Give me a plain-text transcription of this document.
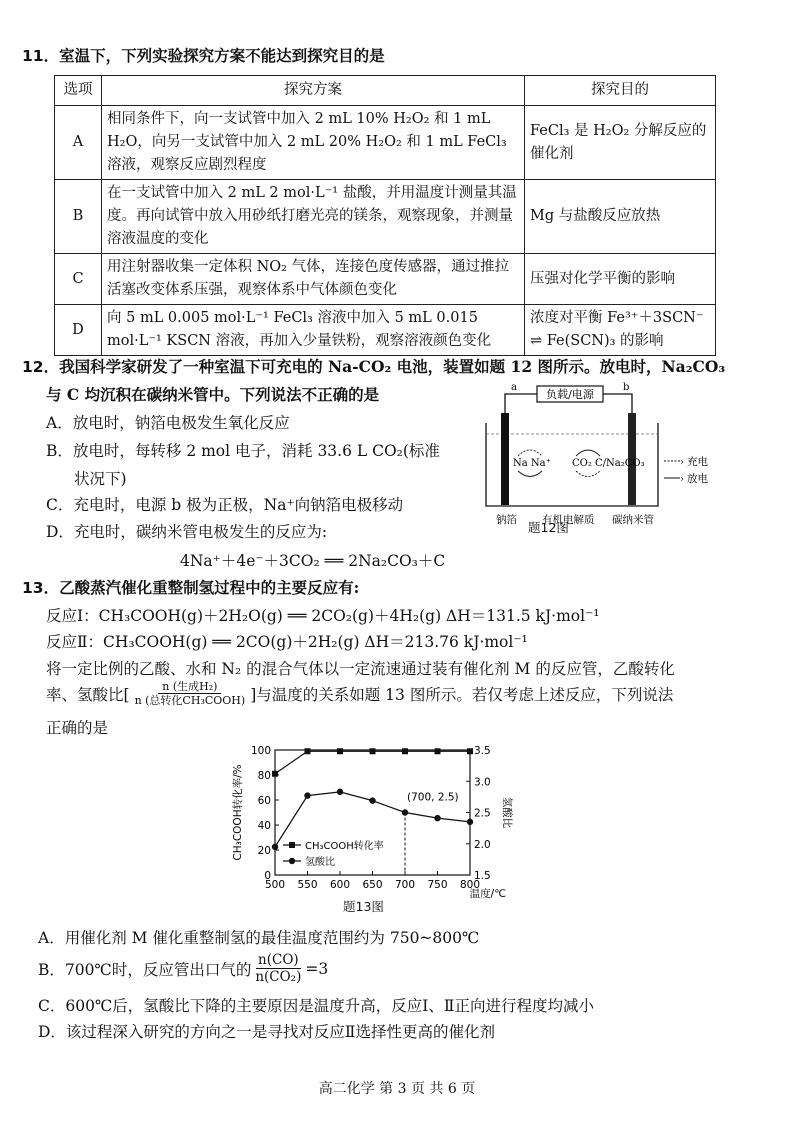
11．室温下，下列实验探究方案不能达到探究目的是
选项	探究方案	探究目的
A	相同条件下，向一支试管中加入 2 mL 10% H₂O₂ 和 1 mL H₂O，向另一支试管中加入 2 mL 20% H₂O₂ 和 1 mL FeCl₃ 溶液，观察反应剧烈程度	FeCl₃ 是 H₂O₂ 分解反应的催化剂
B	在一支试管中加入 2 mL 2 mol·L⁻¹ 盐酸，并用温度计测量其温度。再向试管中放入用砂纸打磨光亮的镁条，观察现象，并测量溶液温度的变化	Mg 与盐酸反应放热
C	用注射器收集一定体积 NO₂ 气体，连接色度传感器，通过推拉活塞改变体系压强，观察体系中气体颜色变化	压强对化学平衡的影响
D	向 5 mL 0.005 mol·L⁻¹ FeCl₃ 溶液中加入 5 mL 0.015 mol·L⁻¹ KSCN 溶液，再加入少量铁粉，观察溶液颜色变化	浓度对平衡 Fe³⁺＋3SCN⁻ ⇌ Fe(SCN)₃ 的影响
12．我国科学家研发了一种室温下可充电的 Na-CO₂ 电池，装置如题 12 图所示。放电时，Na₂CO₃
与 C 均沉积在碳纳米管中。下列说法不正确的是
A．放电时，钠箔电极发生氧化反应
B．放电时，每转移 2 mol 电子，消耗 33.6 L CO₂(标准
状况下)
C．充电时，电源 b 极为正极，Na⁺向钠箔电极移动
D．充电时，碳纳米管电极发生的反应为:
4Na⁺＋4e⁻＋3CO₂ ══ 2Na₂CO₃＋C
负载/电源
a	b
Na Na⁺ CO₂ C/Na₂CO₃
钠箔 有机电解质 碳纳米管
› 充电
› 放电
题12图
13．乙酸蒸汽催化重整制氢过程中的主要反应有:
反应Ⅰ：CH₃COOH(g)＋2H₂O(g) ══ 2CO₂(g)＋4H₂(g) ΔH＝131.5 kJ·mol⁻¹
反应Ⅱ：CH₃COOH(g) ══ 2CO(g)＋2H₂(g) ΔH＝213.76 kJ·mol⁻¹
将一定比例的乙酸、水和 N₂ 的混合气体以一定流速通过装有催化剂 M 的反应管，乙酸转化
率、氢酸比[	n (生成H₂)
n (总转化CH₃COOH) ]与温度的关系如题 13 图所示。若仅考虑上述反应，下列说法
正确的是
500 550 600 650 700 750 800
0
20
40
60
80
100
1.5
2.0
2.5
3.0
3.5
CH₃COOH转化率/%	氢酸比
温度/℃
(700, 2.5)
CH₃COOH转化率
氢酸比
题13图
A．用催化剂 M 催化重整制氢的最佳温度范围约为 750~800℃
B．700℃时，反应管出口气的 $\frac{n(CO)}{\text{n(CO₂)}} =3$
C．600℃后，氢酸比下降的主要原因是温度升高，反应Ⅰ、Ⅱ正向进行程度均减小
D．该过程深入研究的方向之一是寻找对反应Ⅱ选择性更高的催化剂
高二化学 第 3 页 共 6 页
